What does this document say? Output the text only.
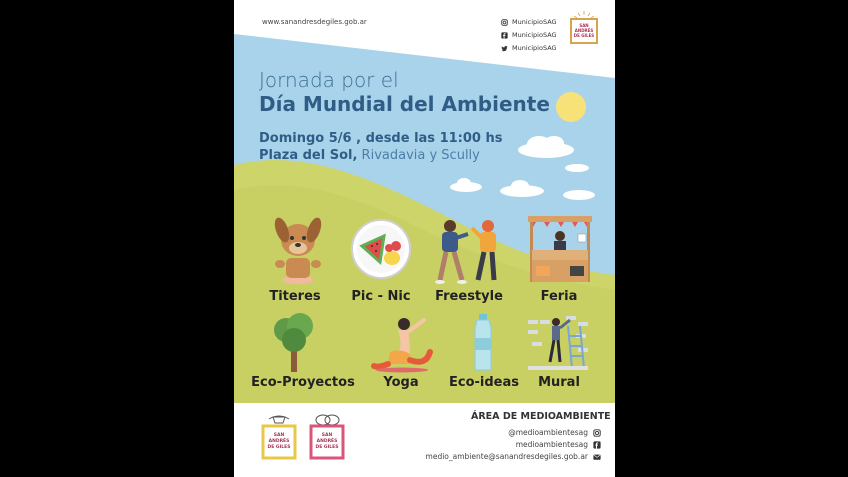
www.sanandresdegiles.gob.ar	MunicipioSAG
MunicipioSAG
MunicipioSAG
SAN
ANDRÉS
DE GILES
Jornada por el
Día Mundial del Ambiente
Domingo 5/6 , desde las 11:00 hs
Plaza del Sol, Rivadavia y Scully
Titeres	Pic - Nic	Freestyle	Feria
Eco-Proyectos	Yoga	Eco-ideas	Mural
SAN
ANDRÉS
DE GILES
SAN
ANDRÉS
DE GILES
ÁREA DE MEDIOAMBIENTE
@medioambientesag
medioambientesag
medio_ambiente@sanandresdegiles.gob.ar
